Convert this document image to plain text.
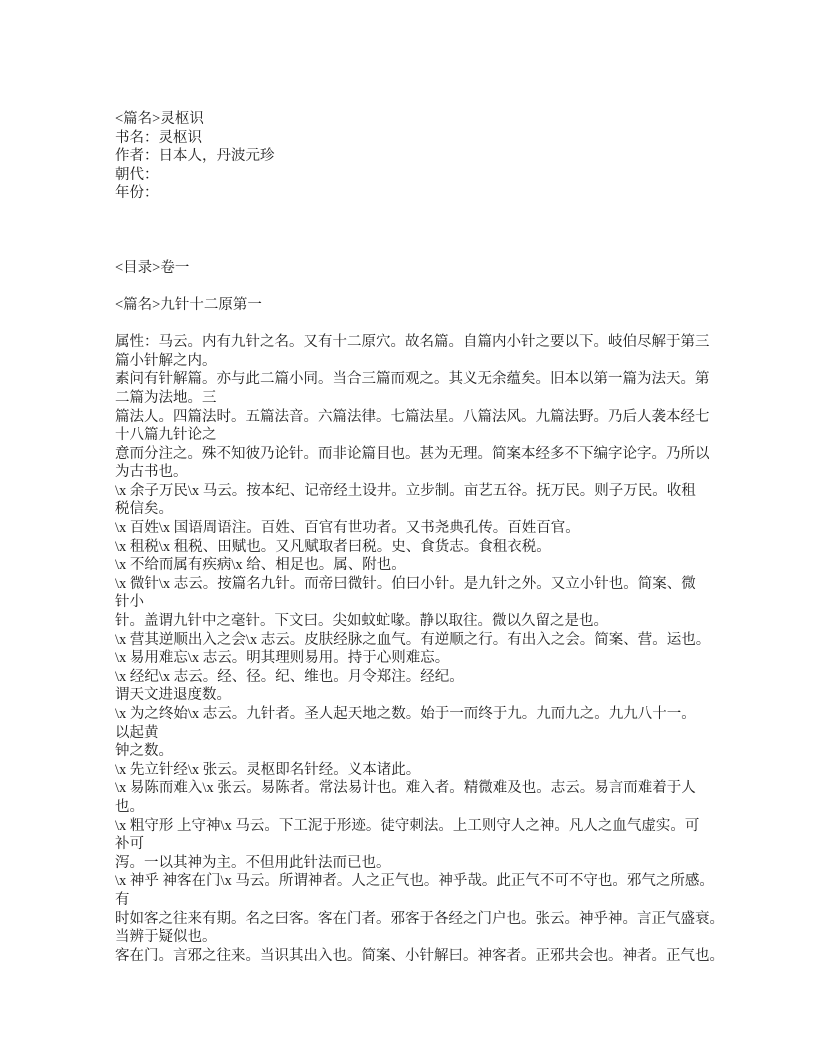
<篇名>灵枢识
书名：灵枢识
作者：日本人，丹波元珍
朝代：
年份：
<目录>卷一
<篇名>九针十二原第一
属性：马云。内有九针之名。又有十二原穴。故名篇。自篇内小针之要以下。岐伯尽解于第三
篇小针解之内。
素问有针解篇。亦与此二篇小同。当合三篇而观之。其义无余蕴矣。旧本以第一篇为法天。第
二篇为法地。三
篇法人。四篇法时。五篇法音。六篇法律。七篇法星。八篇法风。九篇法野。乃后人袭本经七
十八篇九针论之
意而分注之。殊不知彼乃论针。而非论篇目也。甚为无理。简案本经多不下编字论字。乃所以
为古书也。
\x 余子万民\x 马云。按本纪、记帝经土设井。立步制。亩艺五谷。抚万民。则子万民。收租
税信矣。
\x 百姓\x 国语周语注。百姓、百官有世功者。又书尧典孔传。百姓百官。
\x 租税\x 租税、田赋也。又凡赋取者曰税。史、食货志。食租衣税。
\x 不给而属有疾病\x 给、相足也。属、附也。
\x 微针\x 志云。按篇名九针。而帝曰微针。伯曰小针。是九针之外。又立小针也。简案、微
针小
针。盖谓九针中之毫针。下文曰。尖如蚊虻喙。静以取往。微以久留之是也。
\x 营其逆顺出入之会\x 志云。皮肤经脉之血气。有逆顺之行。有出入之会。简案、营。运也。
\x 易用难忘\x 志云。明其理则易用。持于心则难忘。
\x 经纪\x 志云。经、径。纪、维也。月令郑注。经纪。
谓天文进退度数。
\x 为之终始\x 志云。九针者。圣人起天地之数。始于一而终于九。九而九之。九九八十一。
以起黄
钟之数。
\x 先立针经\x 张云。灵枢即名针经。义本诸此。
\x 易陈而难入\x 张云。易陈者。常法易计也。难入者。精微难及也。志云。易言而难着于人
也。
\x 粗守形 上守神\x 马云。下工泥于形迹。徒守刺法。上工则守人之神。凡人之血气虚实。可
补可
泻。一以其神为主。不但用此针法而已也。
\x 神乎 神客在门\x 马云。所谓神者。人之正气也。神乎哉。此正气不可不守也。邪气之所感。
有
时如客之往来有期。名之曰客。客在门者。邪客于各经之门户也。张云。神乎神。言正气盛衰。
当辨于疑似也。
客在门。言邪之往来。当识其出入也。简案、小针解曰。神客者。正邪共会也。神者。正气也。
